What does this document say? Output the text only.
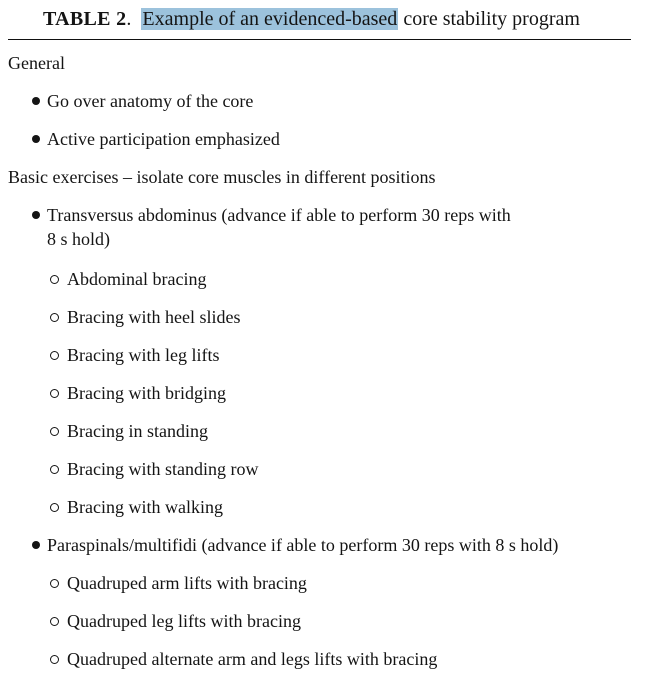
TABLE 2. Example of an evidenced-based core stability program
General
Go over anatomy of the core
Active participation emphasized
Basic exercises – isolate core muscles in different positions
Transversus abdominus (advance if able to perform 30 reps with
8 s hold)
Abdominal bracing
Bracing with heel slides
Bracing with leg lifts
Bracing with bridging
Bracing in standing
Bracing with standing row
Bracing with walking
Paraspinals/multifidi (advance if able to perform 30 reps with 8 s hold)
Quadruped arm lifts with bracing
Quadruped leg lifts with bracing
Quadruped alternate arm and legs lifts with bracing
